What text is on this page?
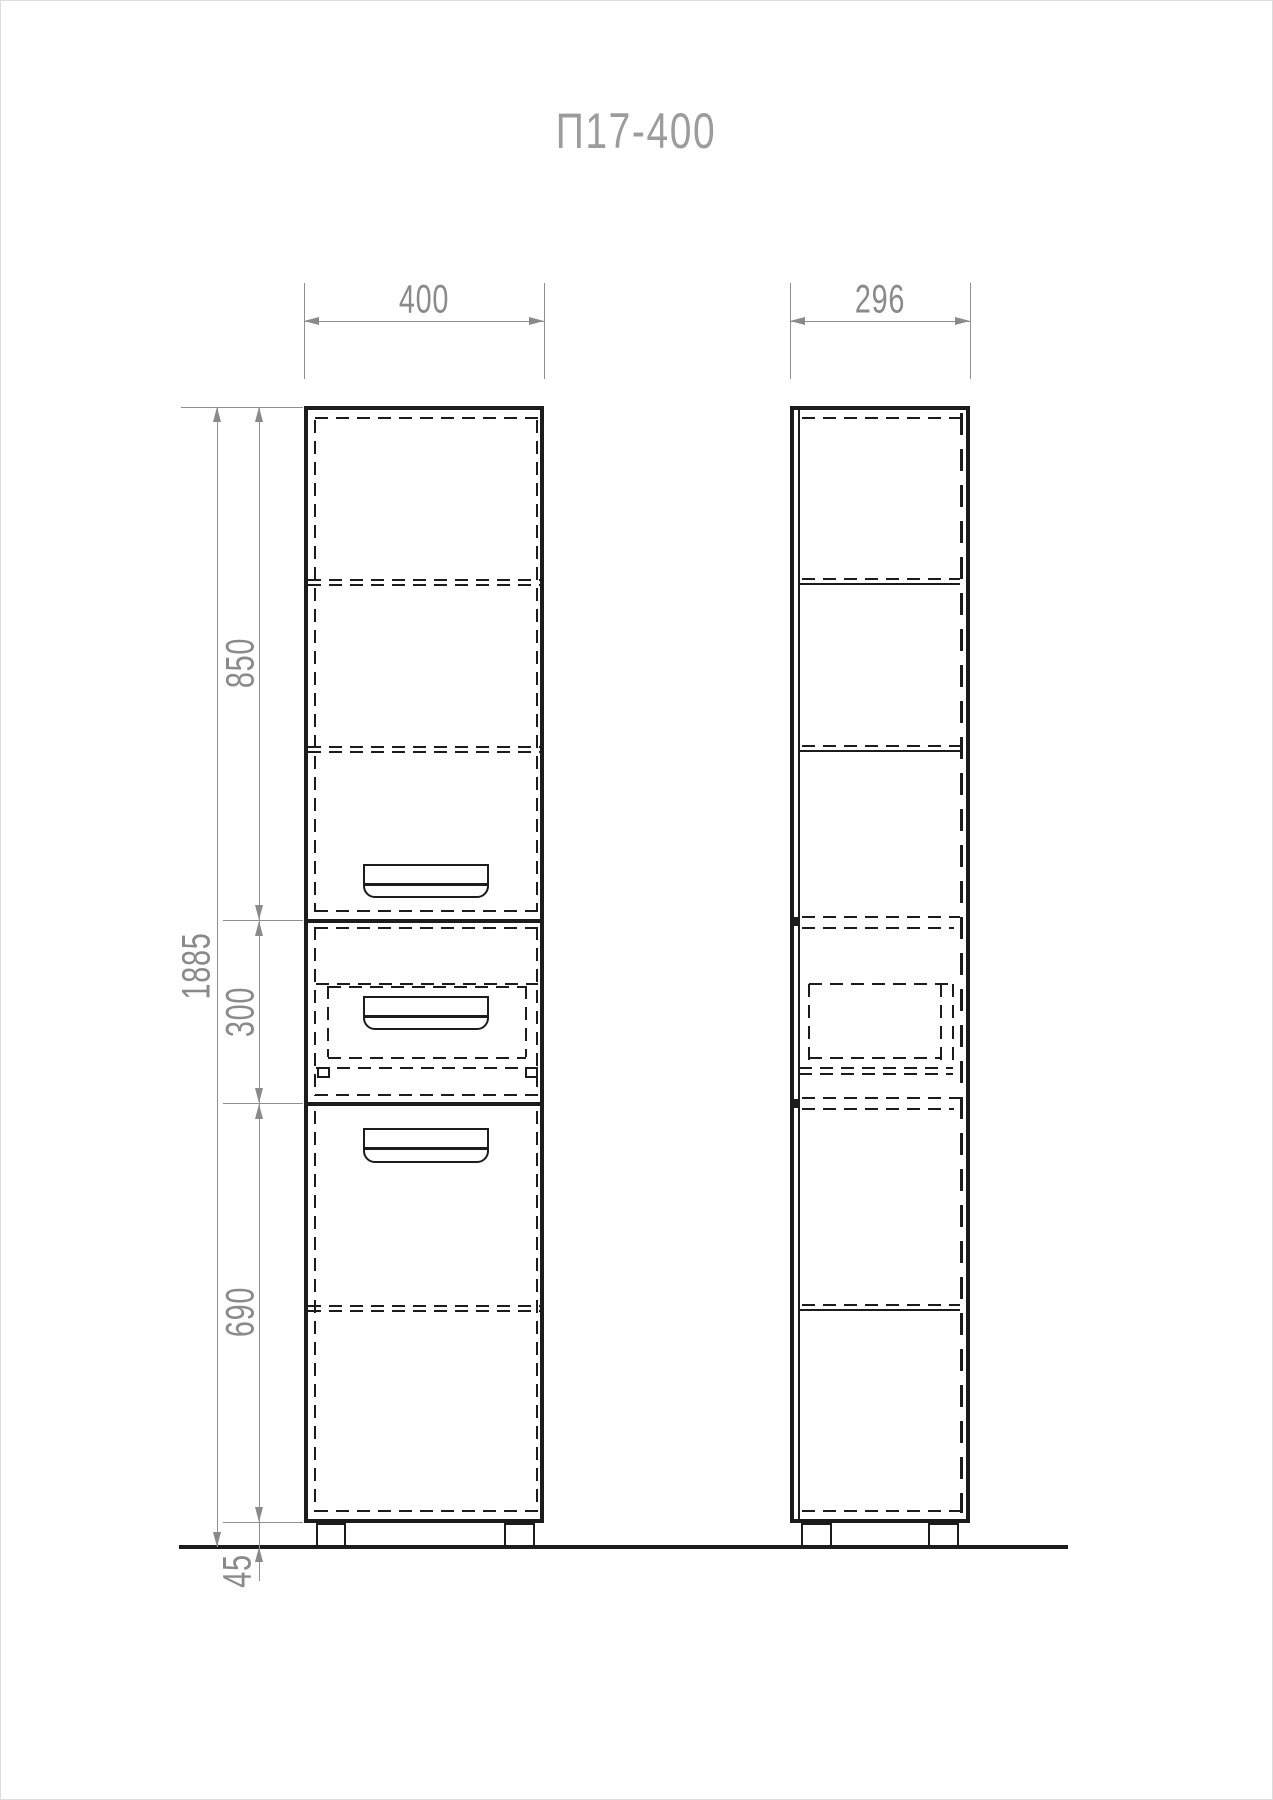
П17-400
400	296
1885
850
300
690
45
